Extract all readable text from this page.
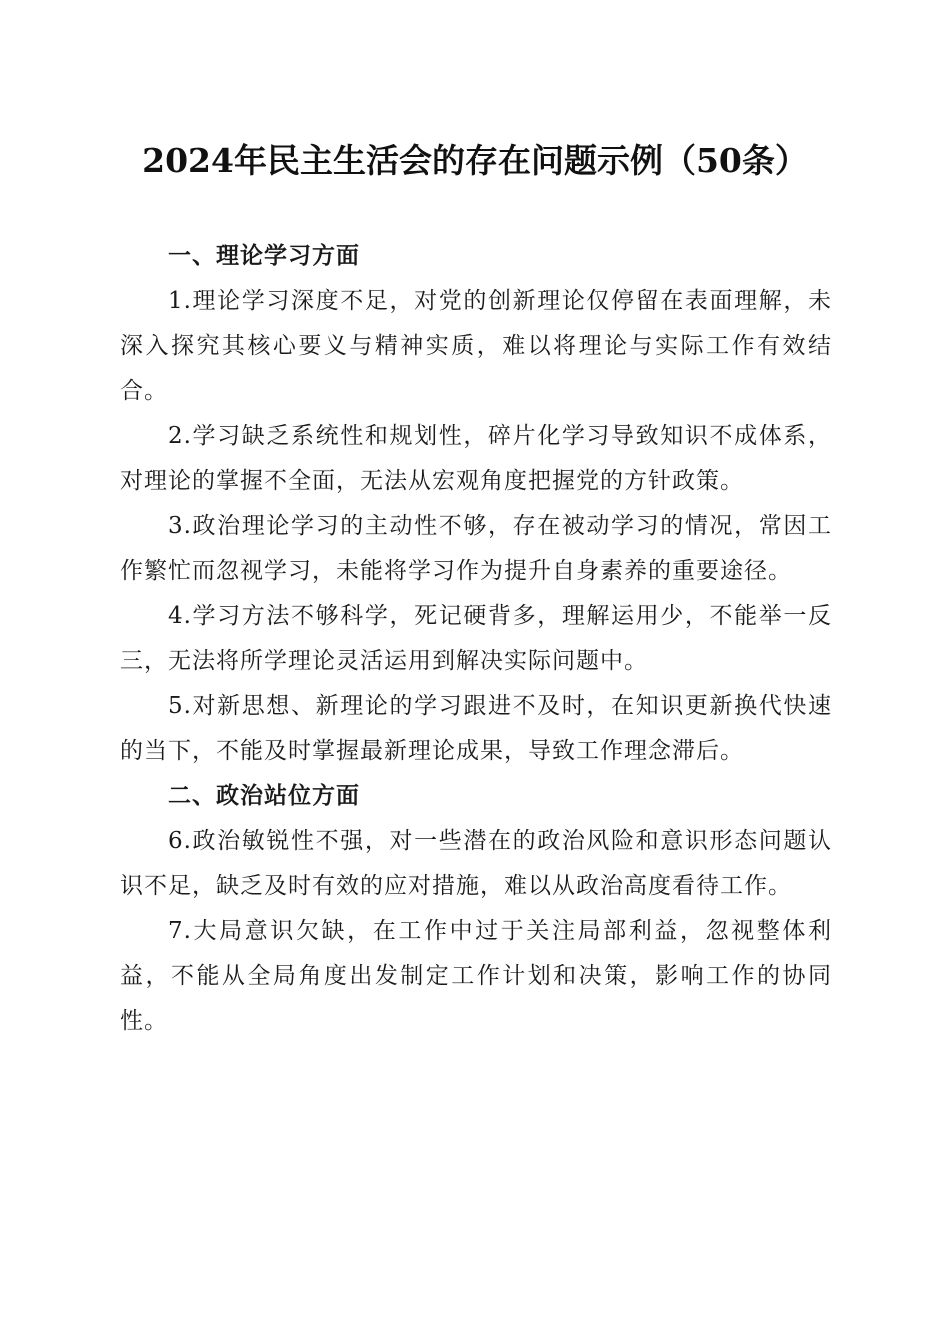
2024年民主生活会的存在问题示例（50条）

一、理论学习方面

1.理论学习深度不足，对党的创新理论仅停留在表面理解，未深入探究其核心要义与精神实质，难以将理论与实际工作有效结合。

2.学习缺乏系统性和规划性，碎片化学习导致知识不成体系，对理论的掌握不全面，无法从宏观角度把握党的方针政策。

3.政治理论学习的主动性不够，存在被动学习的情况，常因工作繁忙而忽视学习，未能将学习作为提升自身素养的重要途径。

4.学习方法不够科学，死记硬背多，理解运用少，不能举一反三，无法将所学理论灵活运用到解决实际问题中。

5.对新思想、新理论的学习跟进不及时，在知识更新换代快速的当下，不能及时掌握最新理论成果，导致工作理念滞后。

二、政治站位方面

6.政治敏锐性不强，对一些潜在的政治风险和意识形态问题认识不足，缺乏及时有效的应对措施，难以从政治高度看待工作。

7.大局意识欠缺，在工作中过于关注局部利益，忽视整体利益，不能从全局角度出发制定工作计划和决策，影响工作的协同性。
